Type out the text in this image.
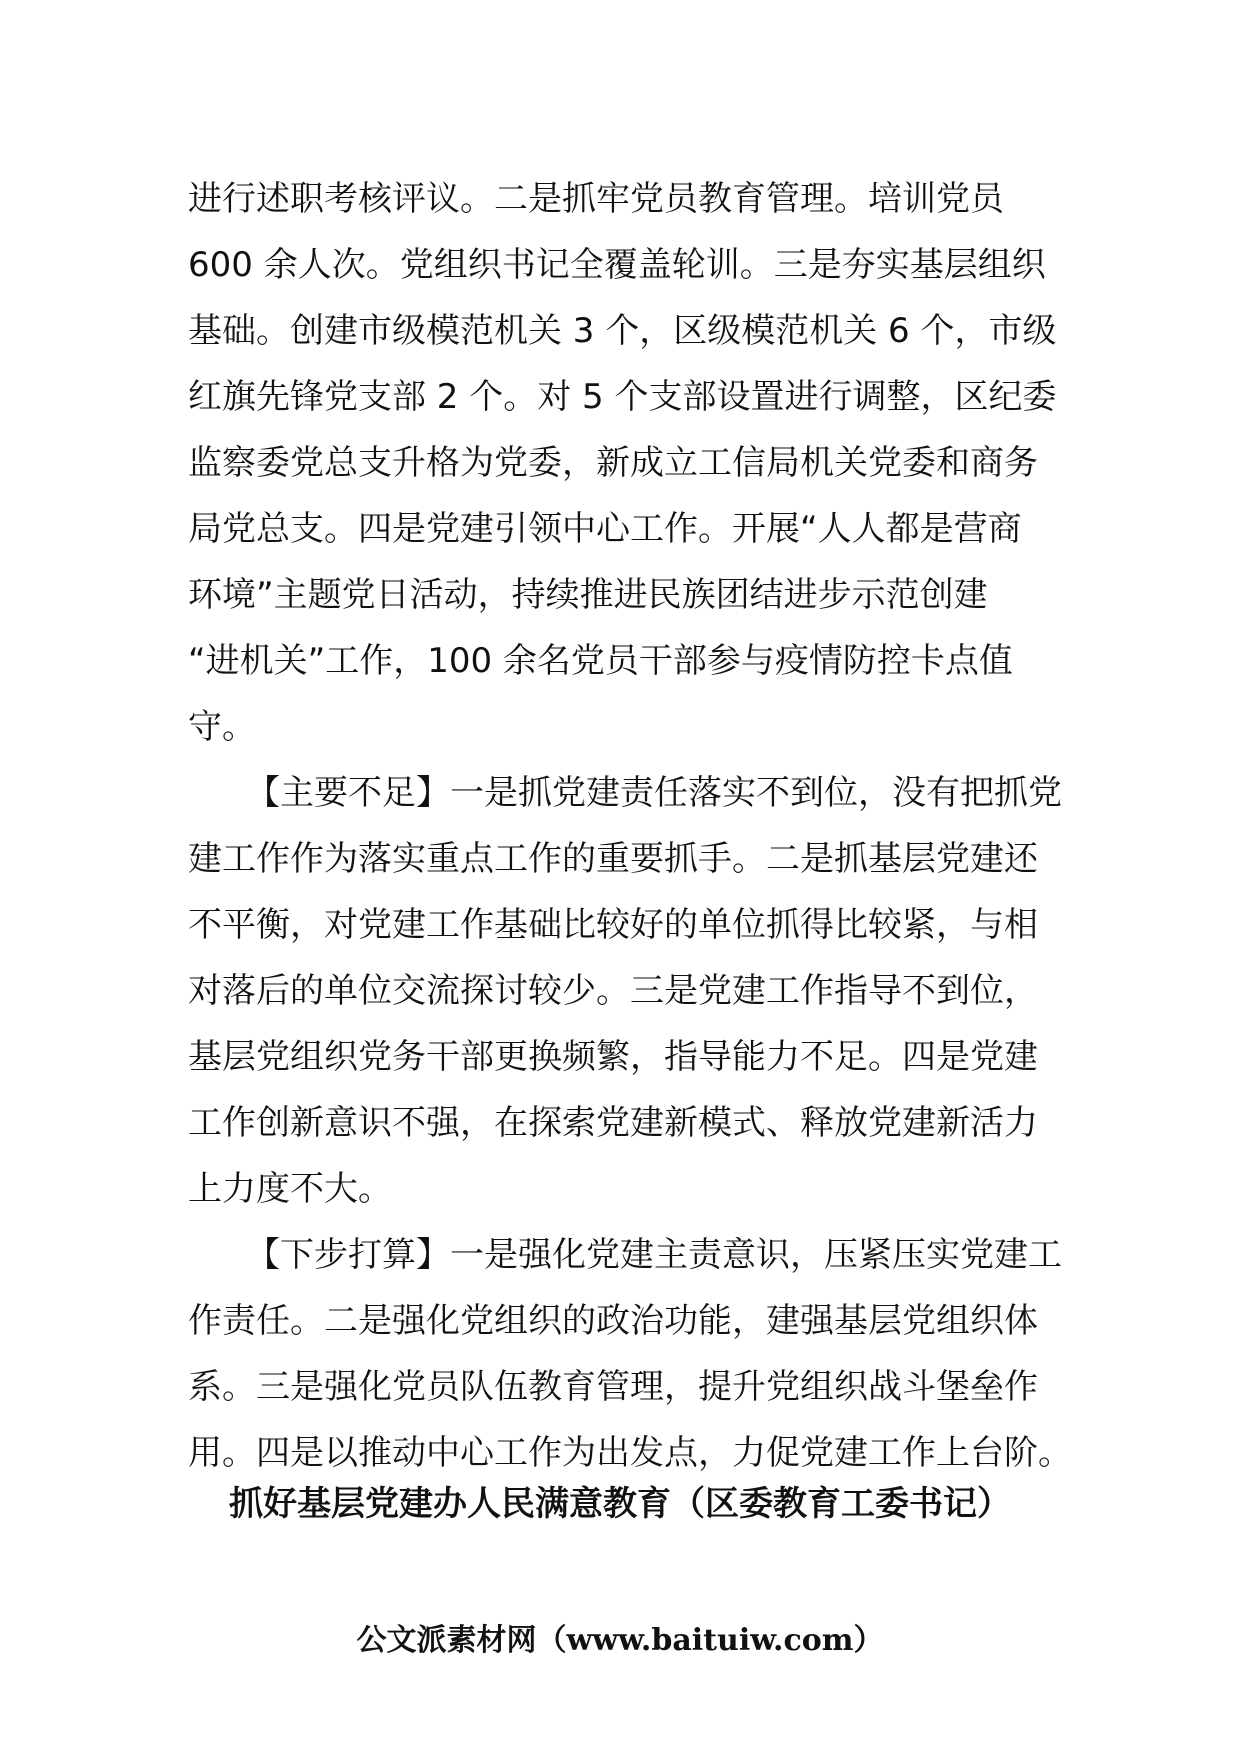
进行述职考核评议。二是抓牢党员教育管理。培训党员
600 余人次。党组织书记全覆盖轮训。三是夯实基层组织
基础。创建市级模范机关 3 个，区级模范机关 6 个，市级
红旗先锋党支部 2 个。对 5 个支部设置进行调整，区纪委
监察委党总支升格为党委，新成立工信局机关党委和商务
局党总支。四是党建引领中心工作。开展“人人都是营商
环境”主题党日活动，持续推进民族团结进步示范创建
“进机关”工作，100 余名党员干部参与疫情防控卡点值
守。
【主要不足】一是抓党建责任落实不到位，没有把抓党
建工作作为落实重点工作的重要抓手。二是抓基层党建还
不平衡，对党建工作基础比较好的单位抓得比较紧，与相
对落后的单位交流探讨较少。三是党建工作指导不到位，
基层党组织党务干部更换频繁，指导能力不足。四是党建
工作创新意识不强，在探索党建新模式、释放党建新活力
上力度不大。
【下步打算】一是强化党建主责意识，压紧压实党建工
作责任。二是强化党组织的政治功能，建强基层党组织体
系。三是强化党员队伍教育管理，提升党组织战斗堡垒作
用。四是以推动中心工作为出发点，力促党建工作上台阶。
抓好基层党建办人民满意教育（区委教育工委书记）
公文派素材网（www.baituiw.com）
